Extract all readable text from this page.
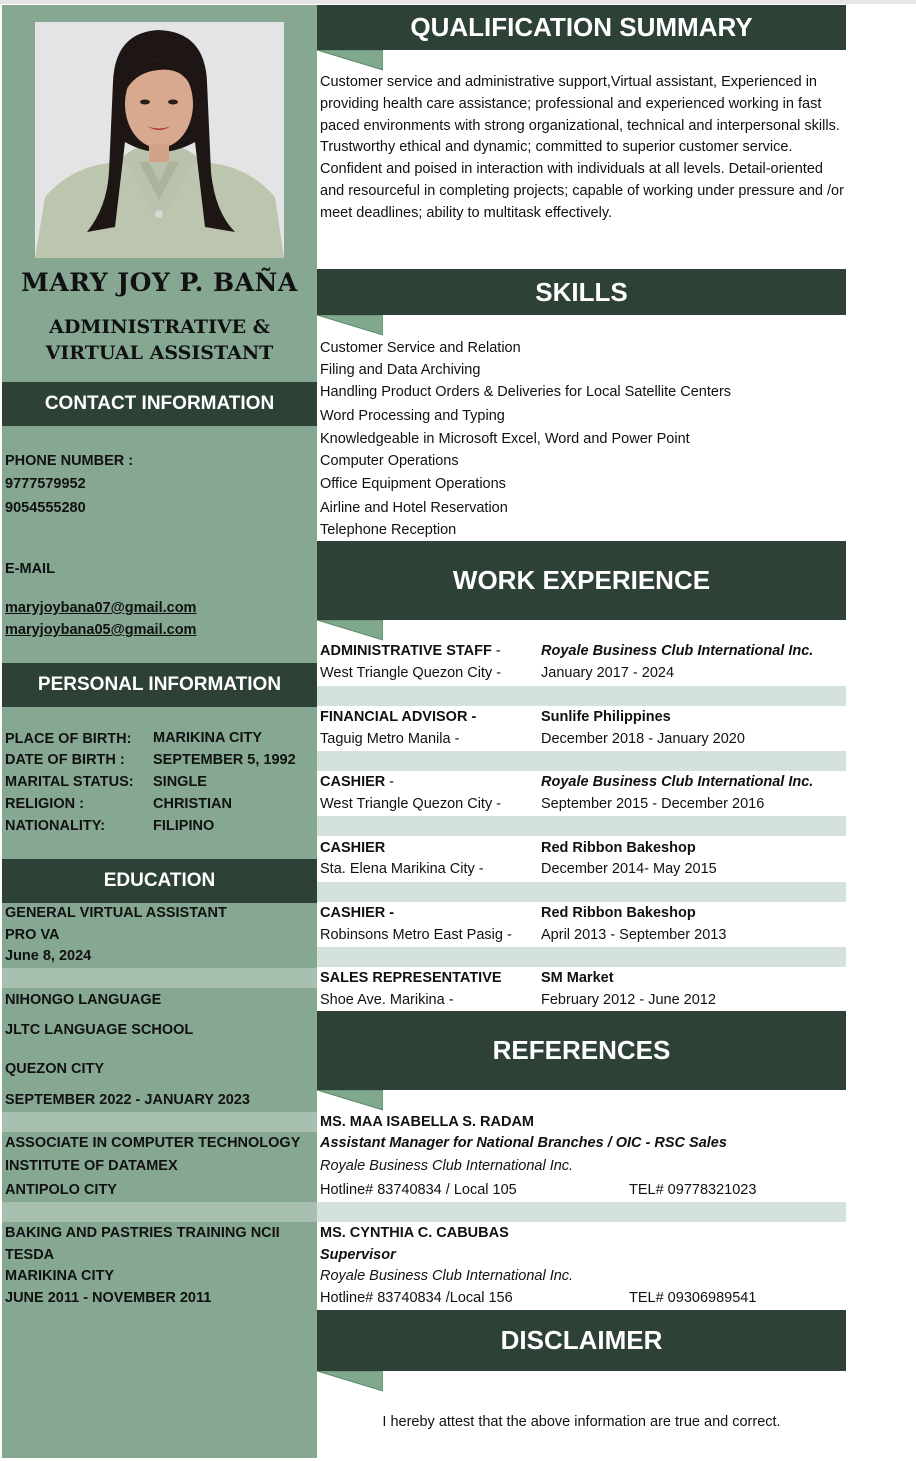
MARY JOY P. BAÑA
ADMINISTRATIVE &
VIRTUAL ASSISTANT
CONTACT INFORMATION
PHONE NUMBER :
9777579952
9054555280
E-MAIL
maryjoybana07@gmail.com
maryjoybana05@gmail.com
PERSONAL INFORMATION
PLACE OF BIRTH: MARIKINA CITY
DATE OF BIRTH : SEPTEMBER 5, 1992
MARITAL STATUS: SINGLE
RELIGION :	CHRISTIAN
NATIONALITY:	FILIPINO
EDUCATION
GENERAL VIRTUAL ASSISTANT
PRO VA
June 8, 2024
NIHONGO LANGUAGE
JLTC LANGUAGE SCHOOL
QUEZON CITY
SEPTEMBER 2022 - JANUARY 2023
ASSOCIATE IN COMPUTER TECHNOLOGY
INSTITUTE OF DATAMEX
ANTIPOLO CITY
BAKING AND PASTRIES TRAINING NCII
TESDA
MARIKINA CITY
JUNE 2011 - NOVEMBER 2011
QUALIFICATION SUMMARY
Customer service and administrative support,Virtual assistant, Experienced in providing health care assistance; professional and experienced working in fast paced environments with strong organizational, technical and interpersonal skills. Trustworthy ethical and dynamic; committed to superior customer service. Confident and poised in interaction with individuals at all levels. Detail-oriented and resourceful in completing projects; capable of working under pressure and /or meet deadlines; ability to multitask effectively.
SKILLS
Customer Service and Relation
Filing and Data Archiving
Handling Product Orders & Deliveries for Local Satellite Centers
Word Processing and Typing
Knowledgeable in Microsoft Excel, Word and Power Point
Computer Operations
Office Equipment Operations
Airline and Hotel Reservation
Telephone Reception
WORK EXPERIENCE
ADMINISTRATIVE STAFF -	Royale Business Club International Inc.
West Triangle Quezon City -	January 2017 - 2024
FINANCIAL ADVISOR -	Sunlife Philippines
Taguig Metro Manila -	December 2018 - January 2020
CASHIER -	Royale Business Club International Inc.
West Triangle Quezon City -	September 2015 - December 2016
CASHIER	Red Ribbon Bakeshop
Sta. Elena Marikina City -	December 2014- May 2015
CASHIER -	Red Ribbon Bakeshop
Robinsons Metro East Pasig - April 2013 - September 2013
SALES REPRESENTATIVE	SM Market
Shoe Ave. Marikina -	February 2012 - June 2012
REFERENCES
MS. MAA ISABELLA S. RADAM
Assistant Manager for National Branches / OIC - RSC Sales
Royale Business Club International Inc.
Hotline# 83740834 / Local 105	TEL# 09778321023
MS. CYNTHIA C. CABUBAS
Supervisor
Royale Business Club International Inc.
Hotline# 83740834 /Local 156	TEL# 09306989541
DISCLAIMER
I hereby attest that the above information are true and correct.
